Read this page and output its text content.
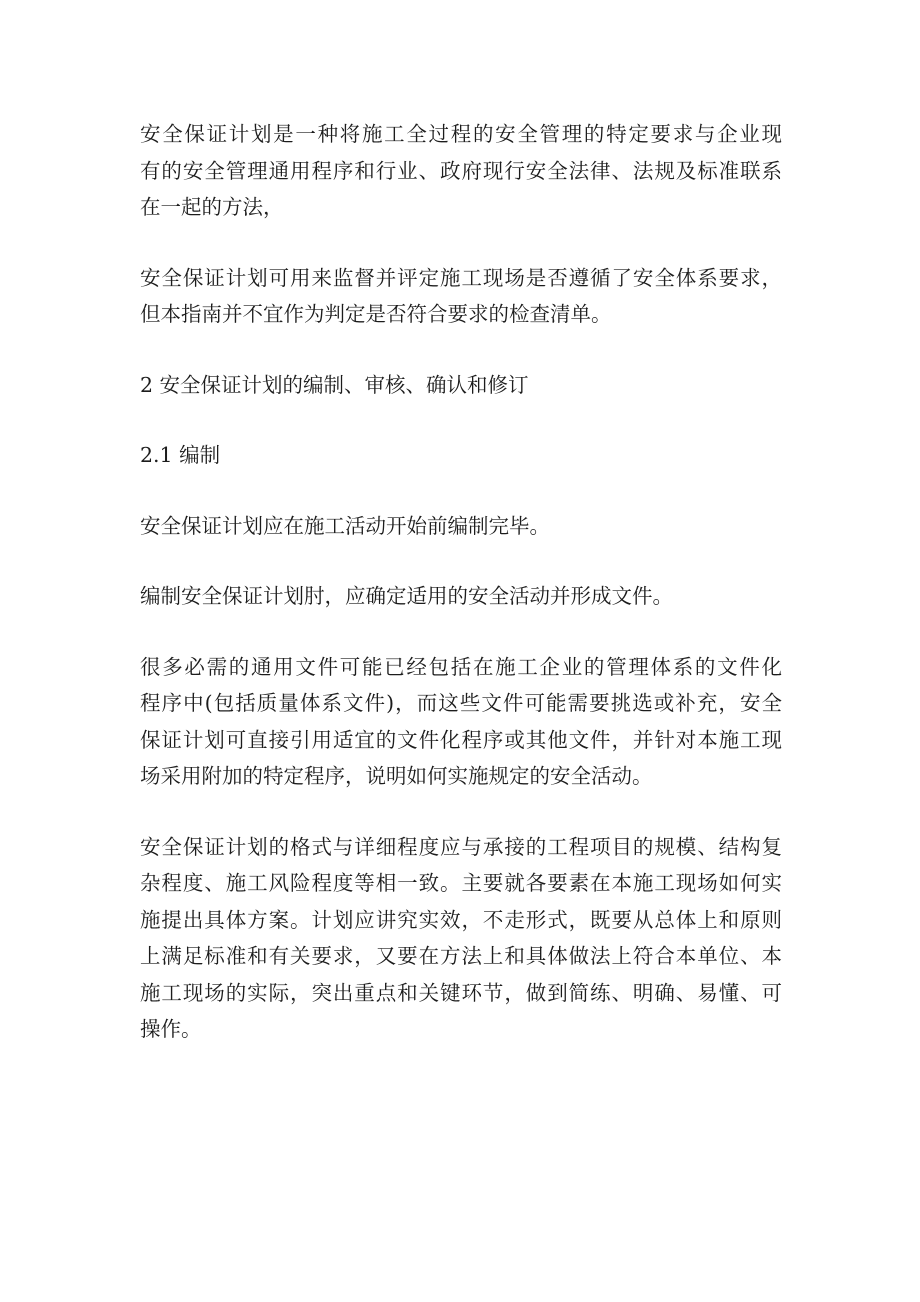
安全保证计划是一种将施工全过程的安全管理的特定要求与企业现
有的安全管理通用程序和行业、政府现行安全法律、法规及标准联系
在一起的方法，

安全保证计划可用来监督并评定施工现场是否遵循了安全体系要求，
但本指南并不宜作为判定是否符合要求的检查清单。

2 安全保证计划的编制、审核、确认和修订

2.1 编制

安全保证计划应在施工活动开始前编制完毕。

编制安全保证计划肘，应确定适用的安全活动并形成文件。

很多必需的通用文件可能已经包括在施工企业的管理体系的文件化
程序中(包括质量体系文件)，而这些文件可能需要挑选或补充，安全
保证计划可直接引用适宜的文件化程序或其他文件，并针对本施工现
场采用附加的特定程序，说明如何实施规定的安全活动。

安全保证计划的格式与详细程度应与承接的工程项目的规模、结构复
杂程度、施工风险程度等相一致。主要就各要素在本施工现场如何实
施提出具体方案。计划应讲究实效，不走形式，既要从总体上和原则
上满足标准和有关要求，又要在方法上和具体做法上符合本单位、本
施工现场的实际，突出重点和关键环节，做到简练、明确、易懂、可
操作。
